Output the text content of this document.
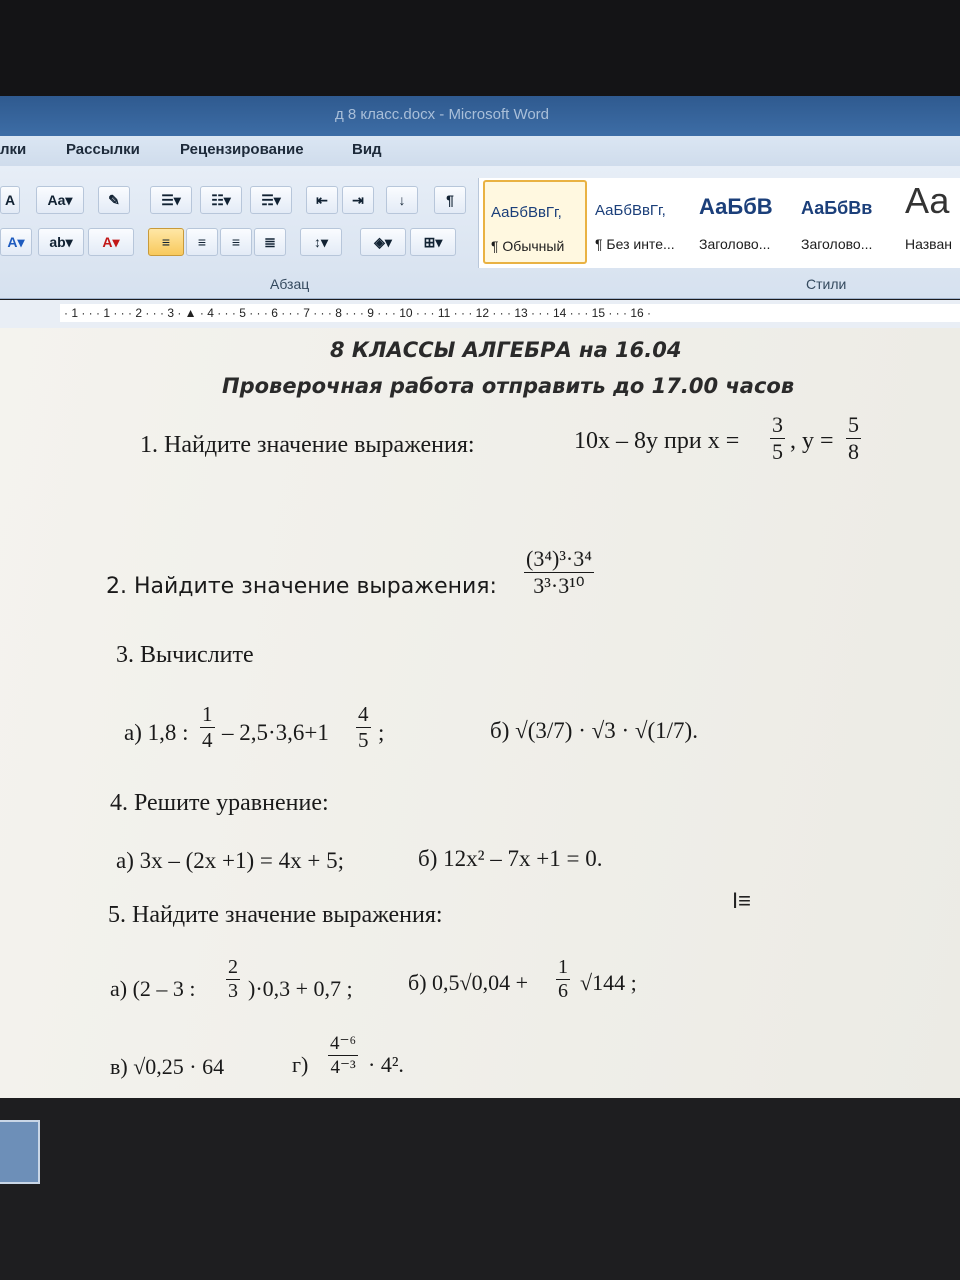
д 8 класс.docx - Microsoft Word
лки	Рассылки	Рецензирование	Вид
A	Aa▾	✎	☰▾	☷▾	☴▾	⇤	⇥	↓	¶
A▾	ab▾	A▾	≡	≡	≡	≣	↕▾	◈▾	⊞▾
Абзац	Стили
АаБбВвГг,
¶ Обычный
АаБбВвГг,
¶ Без инте...
АаБбВ
Заголово...
АаБбВв
Заголово...
Аа
Назван
· 1 · · · 1 · · · 2 · · · 3 · ▲ · 4 · · · 5 · · · 6 · · · 7 · · · 8 · · · 9 · · · 10 · · · 11 · · · 12 · · · 13 · · · 14 · · · 15 · · · 16 ·
8 КЛАССЫ АЛГЕБРА на 16.04
Проверочная работа отправить до 17.00 часов
1. Найдите значение выражения:	10x – 8y при $x = \frac{3}{5}$ , $y = \frac{5}{8}$
2. Найдите значение выражения: $\frac{\text{(3⁴)³·3⁴}}{\text{3³·3¹⁰}}$
3. Вычислите
а) 1,8 : $\frac{1}{4} - 2,5\cdot 3,6+1 \frac{4}{5}$ ;	б) √(3/7) · √3 · √(1/7).
4. Решите уравнение:
а) 3x – (2x +1) = 4x + 5;	б) 12x² – 7x +1 = 0.
5. Найдите значение выражения:
а) (2 – 3 : $\frac{2}{3} )\cdot 0,3 + 0,7$ ;	б) $0,5√0,04 + \frac{1}{6} √144$ ;
в) √0,25 · 64	$г) \frac{\text{4⁻⁶}}{\text{4⁻³}} \cdot 4^2$.
I≡
